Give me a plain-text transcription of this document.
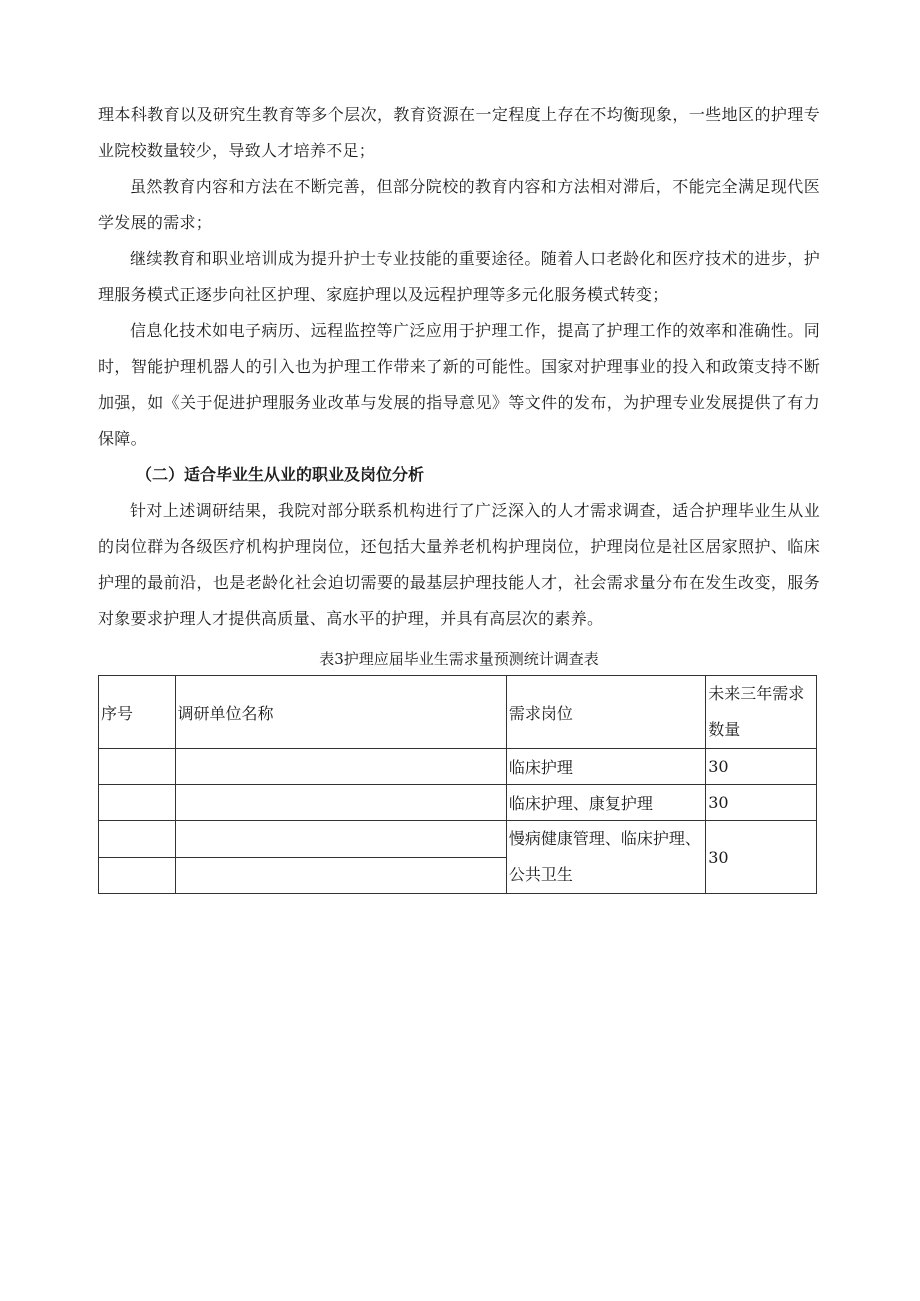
理本科教育以及研究生教育等多个层次，教育资源在一定程度上存在不均衡现象，一些地区的护理专业院校数量较少，导致人才培养不足；

虽然教育内容和方法在不断完善，但部分院校的教育内容和方法相对滞后，不能完全满足现代医学发展的需求；

继续教育和职业培训成为提升护士专业技能的重要途径。随着人口老龄化和医疗技术的进步，护理服务模式正逐步向社区护理、家庭护理以及远程护理等多元化服务模式转变；

信息化技术如电子病历、远程监控等广泛应用于护理工作，提高了护理工作的效率和准确性。同时，智能护理机器人的引入也为护理工作带来了新的可能性。国家对护理事业的投入和政策支持不断加强，如《关于促进护理服务业改革与发展的指导意见》等文件的发布，为护理专业发展提供了有力保障。

（二）适合毕业生从业的职业及岗位分析

针对上述调研结果，我院对部分联系机构进行了广泛深入的人才需求调查，适合护理毕业生从业的岗位群为各级医疗机构护理岗位，还包括大量养老机构护理岗位，护理岗位是社区居家照护、临床护理的最前沿，也是老龄化社会迫切需要的最基层护理技能人才，社会需求量分布在发生改变，服务对象要求护理人才提供高质量、高水平的护理，并具有高层次的素养。

表3护理应届毕业生需求量预测统计调查表
序号	调研单位名称	需求岗位	未来三年需求数量
		临床护理	30
		临床护理、康复护理	30
		慢病健康管理、临床护理、公共卫生	30
